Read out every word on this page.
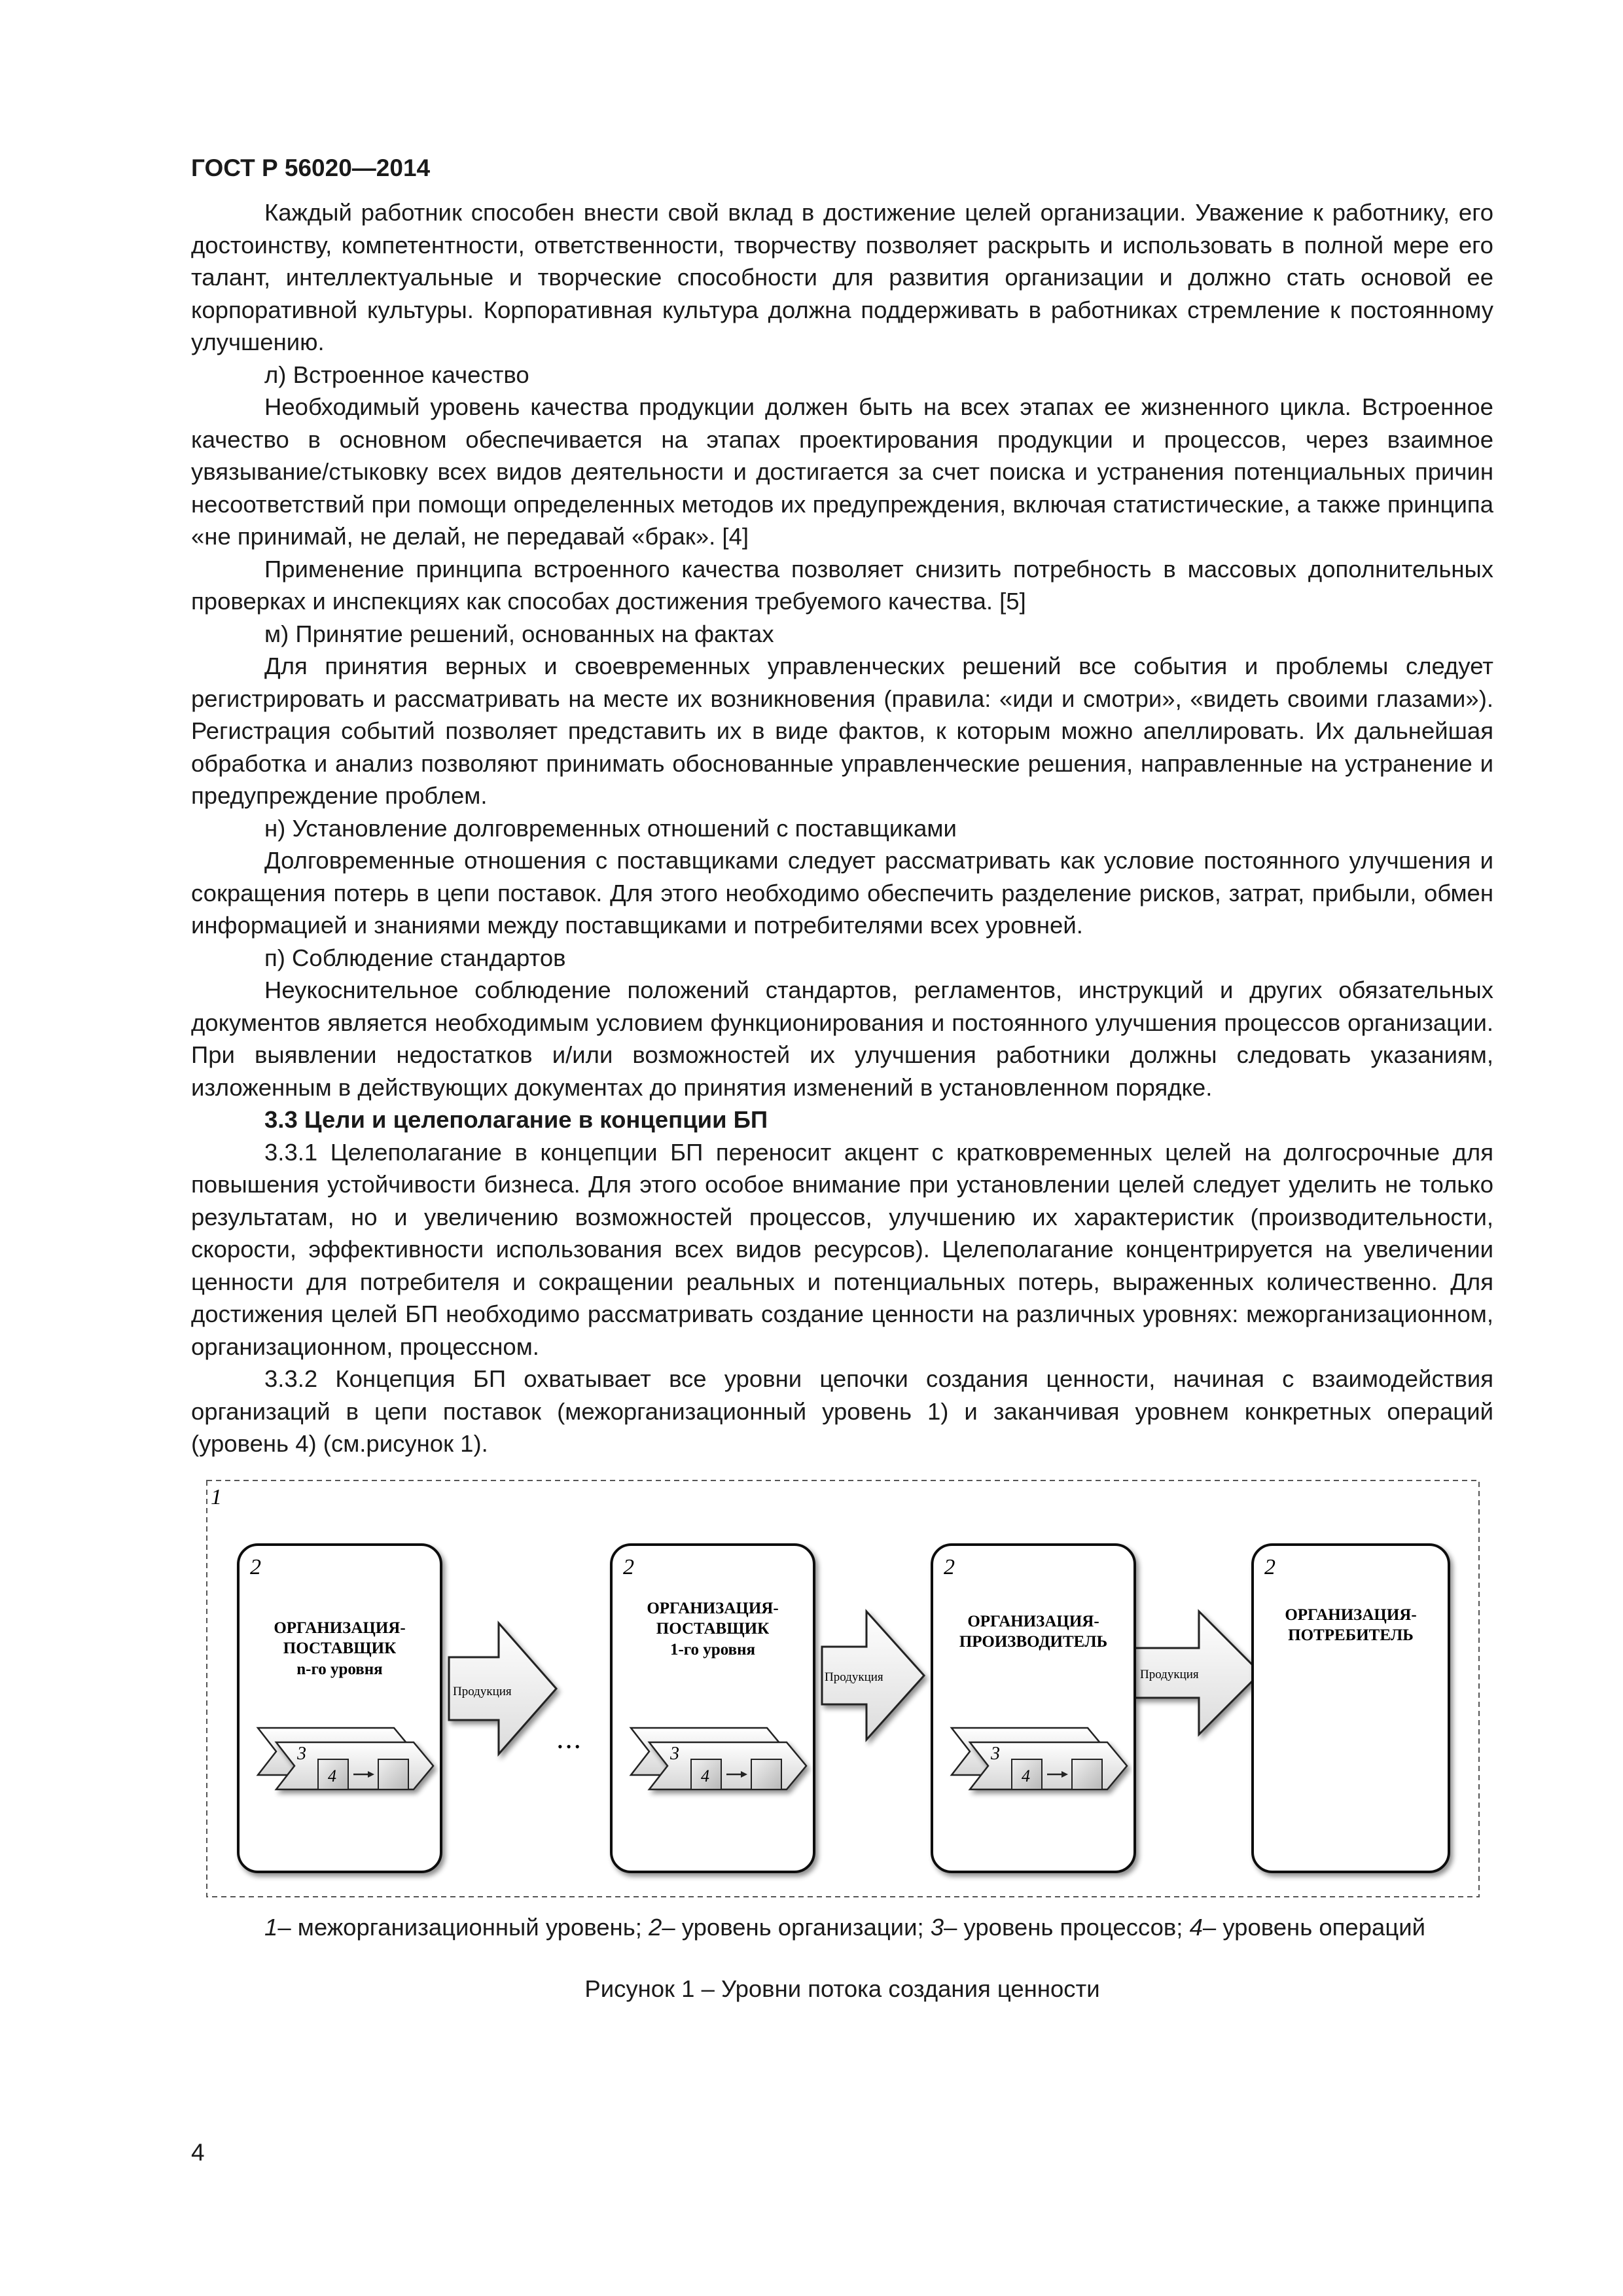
ГОСТ Р 56020—2014

Каждый работник способен внести свой вклад в достижение целей организации. Уважение к работнику, его достоинству, компетентности, ответственности, творчеству позволяет раскрыть и использовать в полной мере его талант, интеллектуальные и творческие способности для развития организации и должно стать основой ее корпоративной культуры. Корпоративная культура должна поддерживать в работниках стремление к постоянному улучшению.

л) Встроенное качество

Необходимый уровень качества продукции должен быть на всех этапах ее жизненного цикла. Встроенное качество в основном обеспечивается на этапах проектирования продукции и процессов, через взаимное увязывание/стыковку всех видов деятельности и достигается за счет поиска и устранения потенциальных причин несоответствий при помощи определенных методов их предупреждения, включая статистические, а также принципа «не принимай, не делай, не передавай «брак». [4]

Применение принципа встроенного качества позволяет снизить потребность в массовых дополнительных проверках и инспекциях как способах достижения требуемого качества. [5]

м) Принятие решений, основанных на фактах

Для принятия верных и своевременных управленческих решений все события и проблемы следует регистрировать и рассматривать на месте их возникновения (правила: «иди и смотри», «видеть своими глазами»). Регистрация событий позволяет представить их в виде фактов, к которым можно апеллировать. Их дальнейшая обработка и анализ позволяют принимать обоснованные управленческие решения, направленные на устранение и предупреждение проблем.

н) Установление долговременных отношений с поставщиками

Долговременные отношения с поставщиками следует рассматривать как условие постоянного улучшения и сокращения потерь в цепи поставок. Для этого необходимо обеспечить разделение рисков, затрат, прибыли, обмен информацией и знаниями между поставщиками и потребителями всех уровней.

п) Соблюдение стандартов

Неукоснительное соблюдение положений стандартов, регламентов, инструкций и других обязательных документов является необходимым условием функционирования и постоянного улучшения процессов организации. При выявлении недостатков и/или возможностей их улучшения работники должны следовать указаниям, изложенным в действующих документах до принятия изменений в установленном порядке.

3.3 Цели и целеполагание в концепции БП

3.3.1 Целеполагание в концепции БП переносит акцент с кратковременных целей на долгосрочные для повышения устойчивости бизнеса. Для этого особое внимание при установлении целей следует уделить не только результатам, но и увеличению возможностей процессов, улучшению их характеристик (производительности, скорости, эффективности использования всех видов ресурсов). Целеполагание концентрируется на увеличении ценности для потребителя и сокращении реальных и потенциальных потерь, выраженных количественно. Для достижения целей БП необходимо рассматривать создание ценности на различных уровнях: межорганизационном, организационном, процессном.

3.3.2 Концепция БП охватывает все уровни цепочки создания ценности, начиная с взаимодействия организаций в цепи поставок (межорганизационный уровень 1) и заканчивая уровнем конкретных операций (уровень 4) (см.рисунок 1).

1
Продукция
• • •
Продукция	Продукция
2
ОРГАНИЗАЦИЯ-
ПОСТАВЩИК
n-го уровня
3
4
2
ОРГАНИЗАЦИЯ-
ПОСТАВЩИК
1-го уровня
3
4
2
ОРГАНИЗАЦИЯ-
ПРОИЗВОДИТЕЛЬ
3
4
2
ОРГАНИЗАЦИЯ-
ПОТРЕБИТЕЛЬ

1– межорганизационный уровень; 2– уровень организации; 3– уровень процессов; 4– уровень операций

Рисунок 1 – Уровни потока создания ценности
4
